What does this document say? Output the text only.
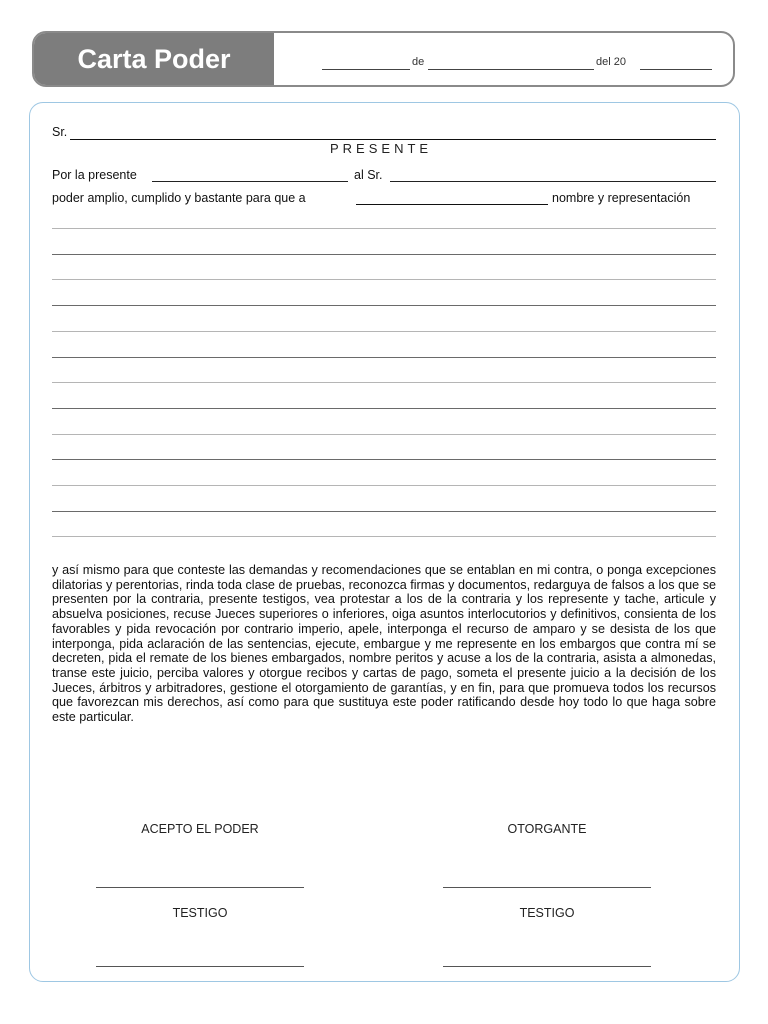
Carta Poder	de	del 20
Sr.
PRESENTE
Por la presente	al Sr.
poder amplio, cumplido y bastante para que a	nombre y representación
y así mismo para que conteste las demandas y recomendaciones que se entablan en mi contra, o ponga excepciones dilatorias y perentorias, rinda toda clase de pruebas, reconozca firmas y documentos, redarguya de falsos a los que se presenten por la contraria, presente testigos, vea protestar a los de la contraria y los represente y tache, articule y absuelva posiciones, recuse Jueces superiores o inferiores, oiga asuntos interlocutorios y definitivos, consienta de los favorables y pida revocación por contrario imperio, apele, interponga el recurso de amparo y se desista de los que interponga, pida aclaración de las sentencias, ejecute, embargue y me represente en los embargos que contra mí se decreten, pida el remate de los bienes embargados, nombre peritos y acuse a los de la contraria, asista a almonedas, transe este juicio, perciba valores y otorgue recibos y cartas de pago, someta el presente juicio a la decisión de los Jueces, árbitros y arbitradores, gestione el otorgamiento de garantías, y en fin, para que promueva todos los recursos que favorezcan mis derechos, así como para que sustituya este poder ratificando desde hoy todo lo que haga sobre este particular.
ACEPTO EL PODER	OTORGANTE
TESTIGO	TESTIGO
